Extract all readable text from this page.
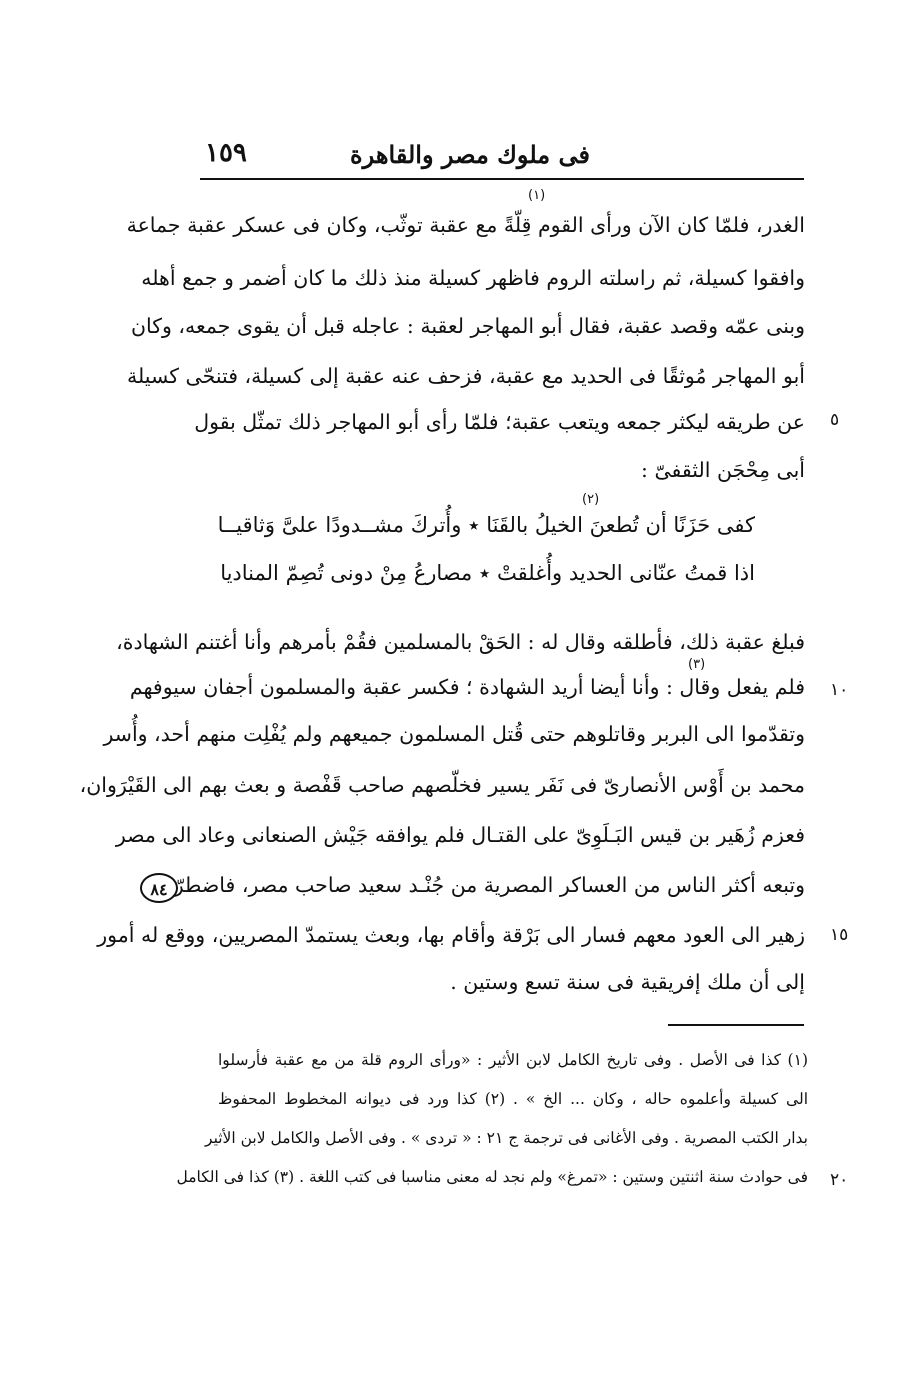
فى ملوك مصر والقاهرة
١٥٩
(١)
الغدر، فلمّا كان الآن ورأى القوم قِلّةً مع عقبة توثّب، وكان فى عسكر عقبة جماعة
وافقوا كسيلة، ثم راسلته الروم فاظهر كسيلة منذ ذلك ما كان أضمر و جمع أهله
وبنى عمّه وقصد عقبة، فقال أبو المهاجر لعقبة : عاجله قبل أن يقوى جمعه، وكان
أبو المهاجر مُوثقًا فى الحديد مع عقبة، فزحف عنه عقبة إلى كسيلة، فتنحّى كسيلة
عن طريقه ليكثر جمعه ويتعب عقبة؛ فلمّا رأى أبو المهاجر ذلك تمثّل بقول ٥
أبى مِحْجَن الثقفىّ :
(٢)
كفى حَزَنًا أن تُطعنَ الخيلُ بالقَنَا ٭ وأُتركَ مشــدودًا علىَّ وَثاقيــا
اذا قمتُ عنّانى الحديد وأُغلقتْ ٭ مصارعُ مِنْ دونى تُصِمّ المناديا
فبلغ عقبة ذلك، فأطلقه وقال له : الحَقْ بالمسلمين فقُمْ بأمرهم وأنا أغتنم الشهادة،
(٣)
فلم يفعل وقال : وأنا أيضا أريد الشهادة ؛ فكسر عقبة والمسلمون أجفان سيوفهم ١٠
وتقدّموا الى البربر وقاتلوهم حتى قُتل المسلمون جميعهم ولم يُفْلِت منهم أحد، وأُسر
محمد بن أَوْس الأنصارىّ فى نَفَر يسير فخلّصهم صاحب قَفْصة و بعث بهم الى القَيْرَوان،
فعزم زُهَير بن قيس البَـلَوِىّ على القتـال فلم يوافقه جَيْش الصنعانى وعاد الى مصر
وتبعه أكثر الناس من العساكر المصرية من جُنْـد سعيد صاحب مصر، فاضطرّ
٨٤
زهير الى العود معهم فسار الى بَرْقة وأقام بها، وبعث يستمدّ المصريين، ووقع له أمور ١٥
إلى أن ملك إفريقية فى سنة تسع وستين .
(١) كذا فى الأصل . وفى تاريخ الكامل لابن الأثير : «ورأى الروم قلة من مع عقبة فأرسلوا
الى كسيلة وأعلموه حاله ، وكان ... الخ » . (٢) كذا ورد فى ديوانه المخطوط المحفوظ
بدار الكتب المصرية . وفى الأغانى فى ترجمة ج ٢١ : « تردى » . وفى الأصل والكامل لابن الأثير
فى حوادث سنة اثنتين وستين : «تمرغ» ولم نجد له معنى مناسبا فى كتب اللغة . (٣) كذا فى الكامل ٢٠
